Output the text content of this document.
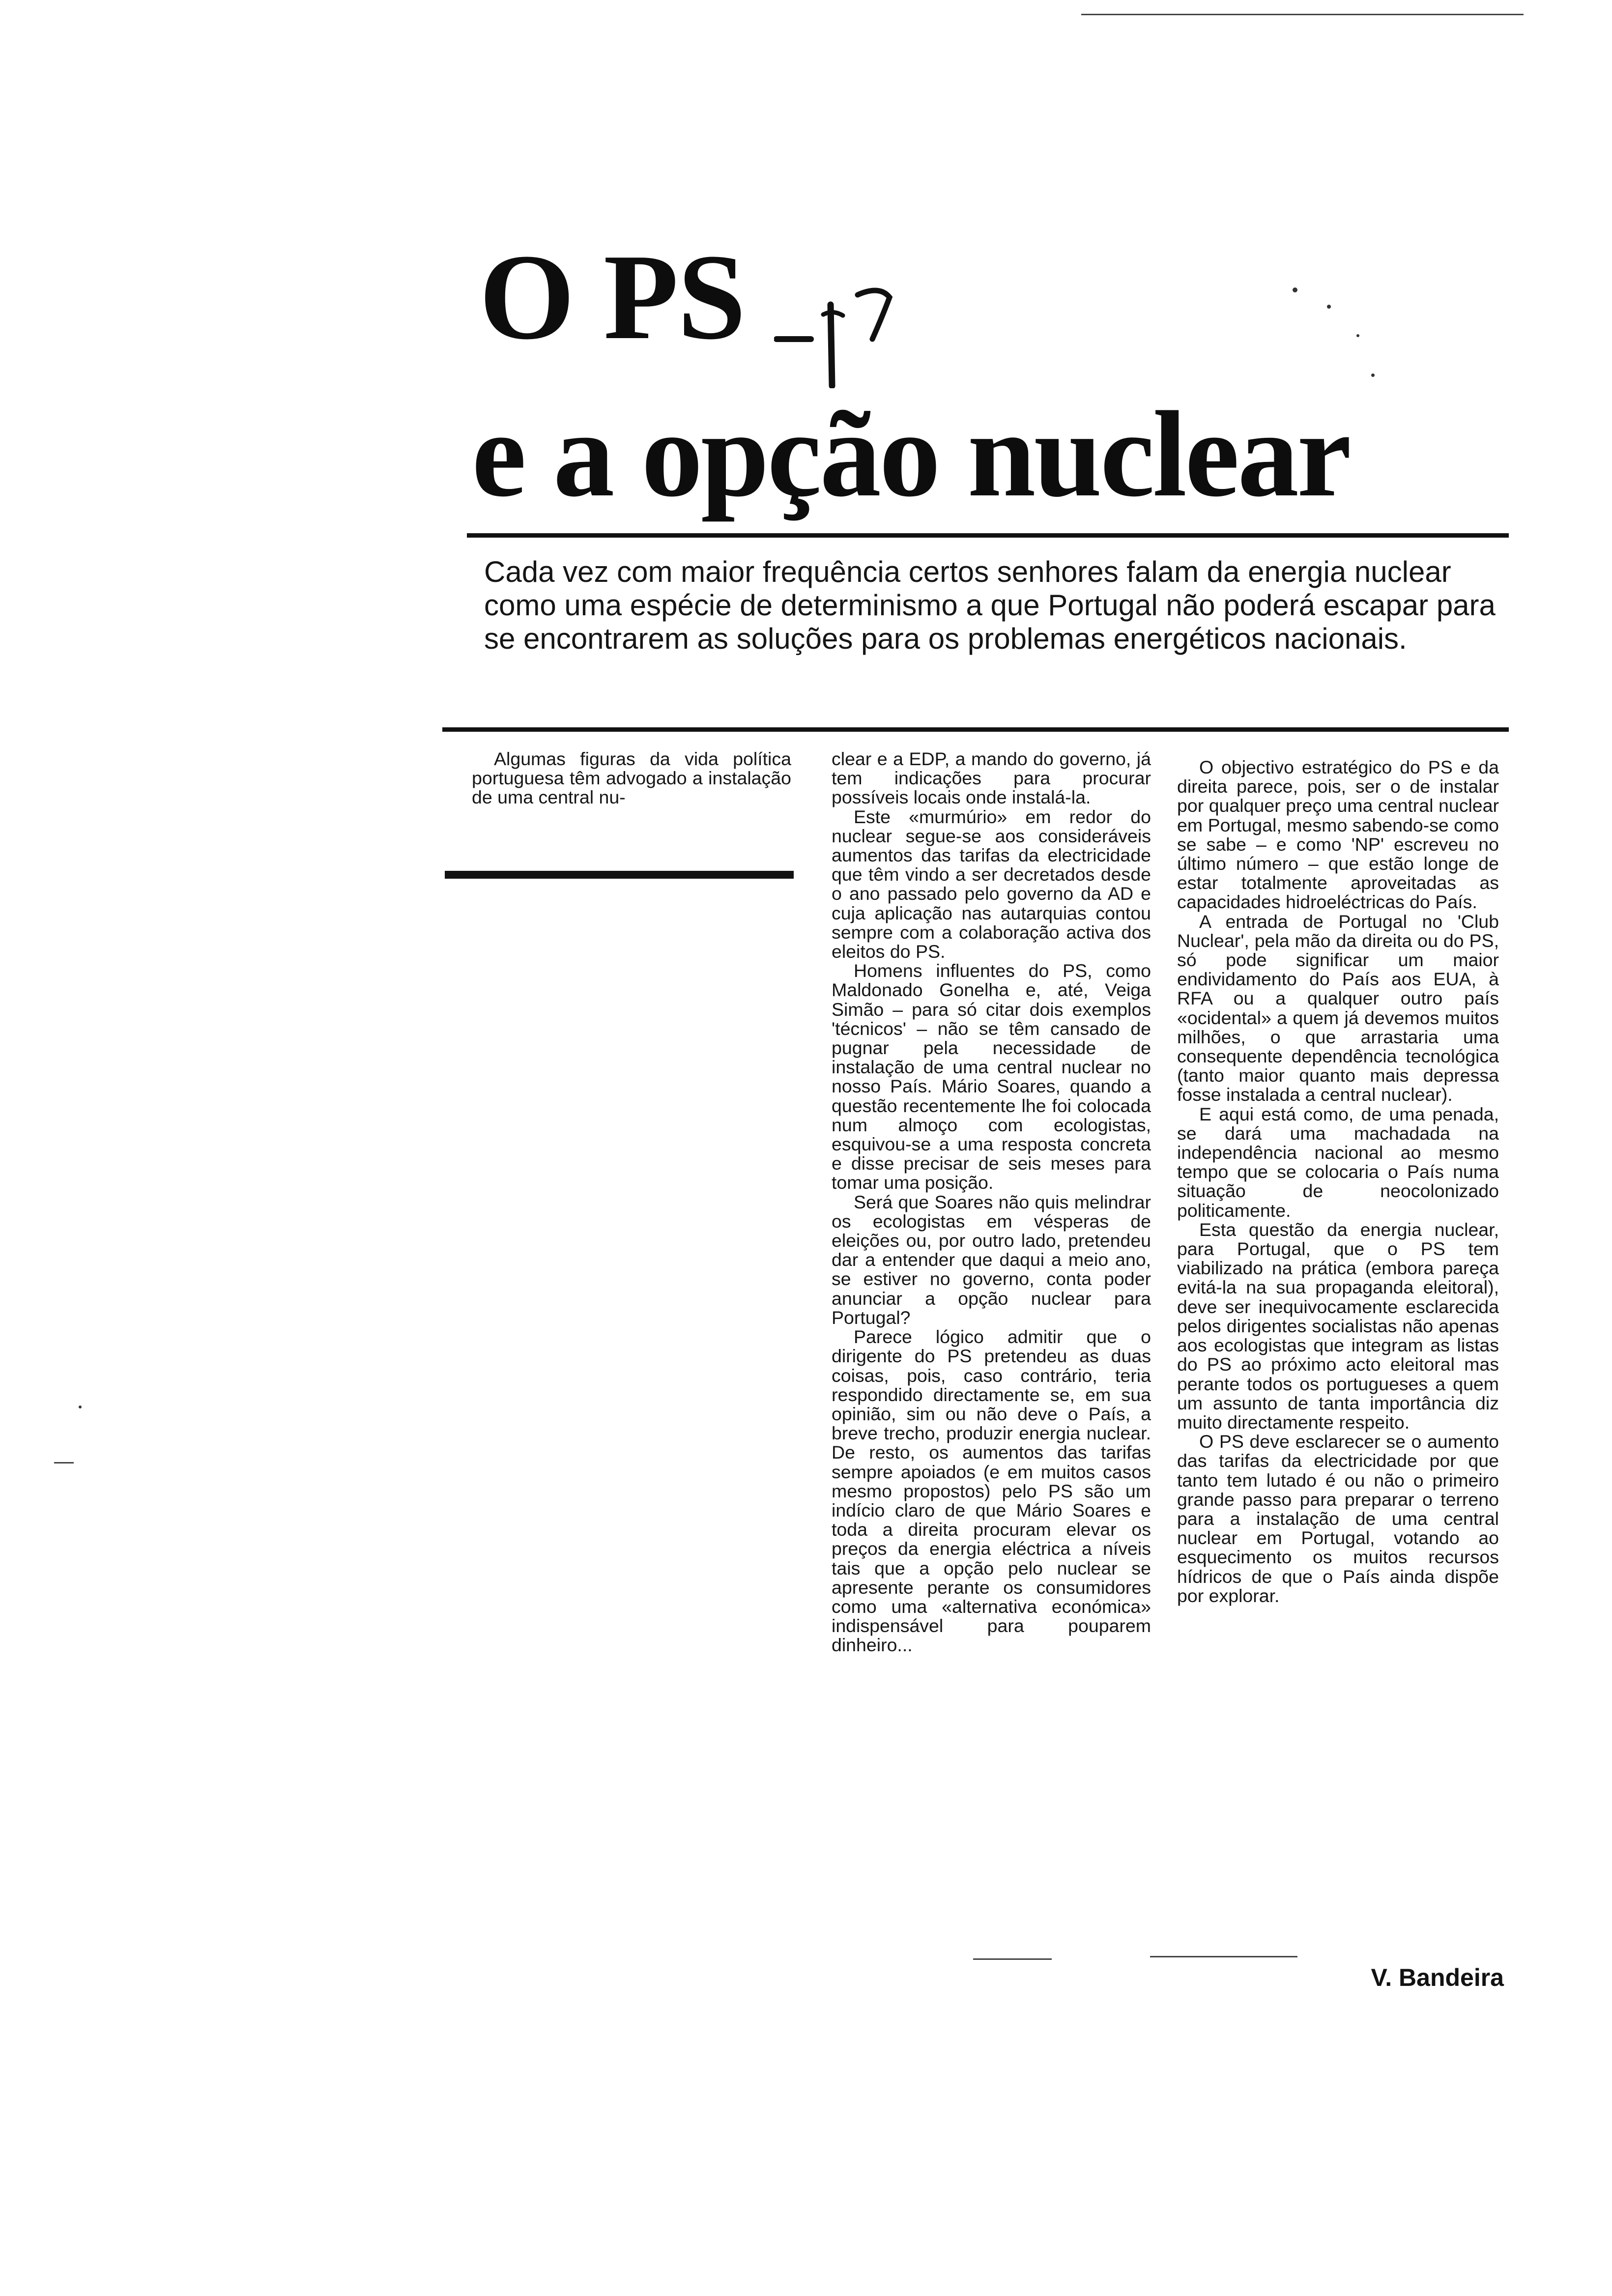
O PS
e a opção nuclear
Cada vez com maior frequência certos senhores falam da energia nuclear como uma espécie de determinismo a que Portugal não poderá escapar para se encontrarem as soluções para os problemas energéticos nacionais.

Algumas figuras da vida política portuguesa têm advogado a instalação de uma central nu-

clear e a EDP, a mando do governo, já tem indicações para procurar possíveis locais onde instalá-la.

Este «murmúrio» em redor do nuclear segue-se aos consideráveis aumentos das tarifas da electricidade que têm vindo a ser decretados desde o ano passado pelo governo da AD e cuja aplicação nas autarquias contou sempre com a colaboração activa dos eleitos do PS.

Homens influentes do PS, como Maldonado Gonelha e, até, Veiga Simão – para só citar dois exemplos 'técnicos' – não se têm cansado de pugnar pela necessidade de instalação de uma central nuclear no nosso País. Mário Soares, quando a questão recentemente lhe foi colocada num almoço com ecologistas, esquivou-se a uma resposta concreta e disse precisar de seis meses para tomar uma posição.

Será que Soares não quis melindrar os ecologistas em vésperas de eleições ou, por outro lado, pretendeu dar a entender que daqui a meio ano, se estiver no governo, conta poder anunciar a opção nuclear para Portugal?

Parece lógico admitir que o dirigente do PS pretendeu as duas coisas, pois, caso contrário, teria respondido directamente se, em sua opinião, sim ou não deve o País, a breve trecho, produzir energia nuclear. De resto, os aumentos das tarifas sempre apoiados (e em muitos casos mesmo propostos) pelo PS são um indício claro de que Mário Soares e toda a direita procuram elevar os preços da energia eléctrica a níveis tais que a opção pelo nuclear se apresente perante os consumidores como uma «alternativa económica» indispensável para pouparem dinheiro...

O objectivo estratégico do PS e da direita parece, pois, ser o de instalar por qualquer preço uma central nuclear em Portugal, mesmo sabendo-se como se sabe – e como 'NP' escreveu no último número – que estão longe de estar totalmente aproveitadas as capacidades hidroeléctricas do País.

A entrada de Portugal no 'Club Nuclear', pela mão da direita ou do PS, só pode significar um maior endividamento do País aos EUA, à RFA ou a qualquer outro país «ocidental» a quem já devemos muitos milhões, o que arrastaria uma consequente dependência tecnológica (tanto maior quanto mais depressa fosse instalada a central nuclear).

E aqui está como, de uma penada, se dará uma machadada na independência nacional ao mesmo tempo que se colocaria o País numa situação de neocolonizado politicamente.

Esta questão da energia nuclear, para Portugal, que o PS tem viabilizado na prática (embora pareça evitá-la na sua propaganda eleitoral), deve ser inequivocamente esclarecida pelos dirigentes socialistas não apenas aos ecologistas que integram as listas do PS ao próximo acto eleitoral mas perante todos os portugueses a quem um assunto de tanta importância diz muito directamente respeito.

O PS deve esclarecer se o aumento das tarifas da electricidade por que tanto tem lutado é ou não o primeiro grande passo para preparar o terreno para a instalação de uma central nuclear em Portugal, votando ao esquecimento os muitos recursos hídricos de que o País ainda dispõe por explorar.

V. Bandeira
